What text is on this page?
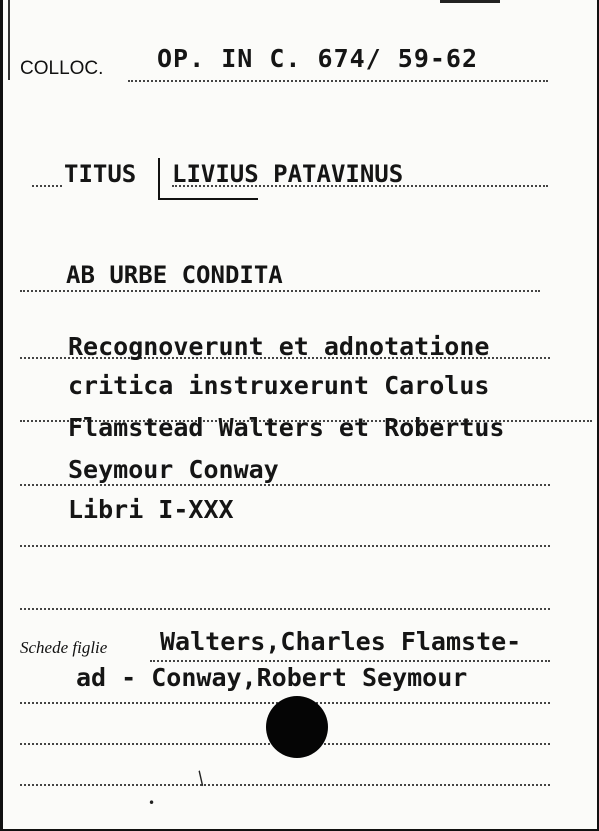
COLLOC. OP. IN C. 674/ 59-62
TITUS LIVIUS PATAVINUS
AB URBE CONDITA
Recognoverunt et adnotatione
critica instruxerunt Carolus
Flamstead Walters et Robertus
Seymour Conway
Libri I-XXX
Schede figlie Walters,Charles Flamste-
ad - Conway,Robert Seymour
/
•
